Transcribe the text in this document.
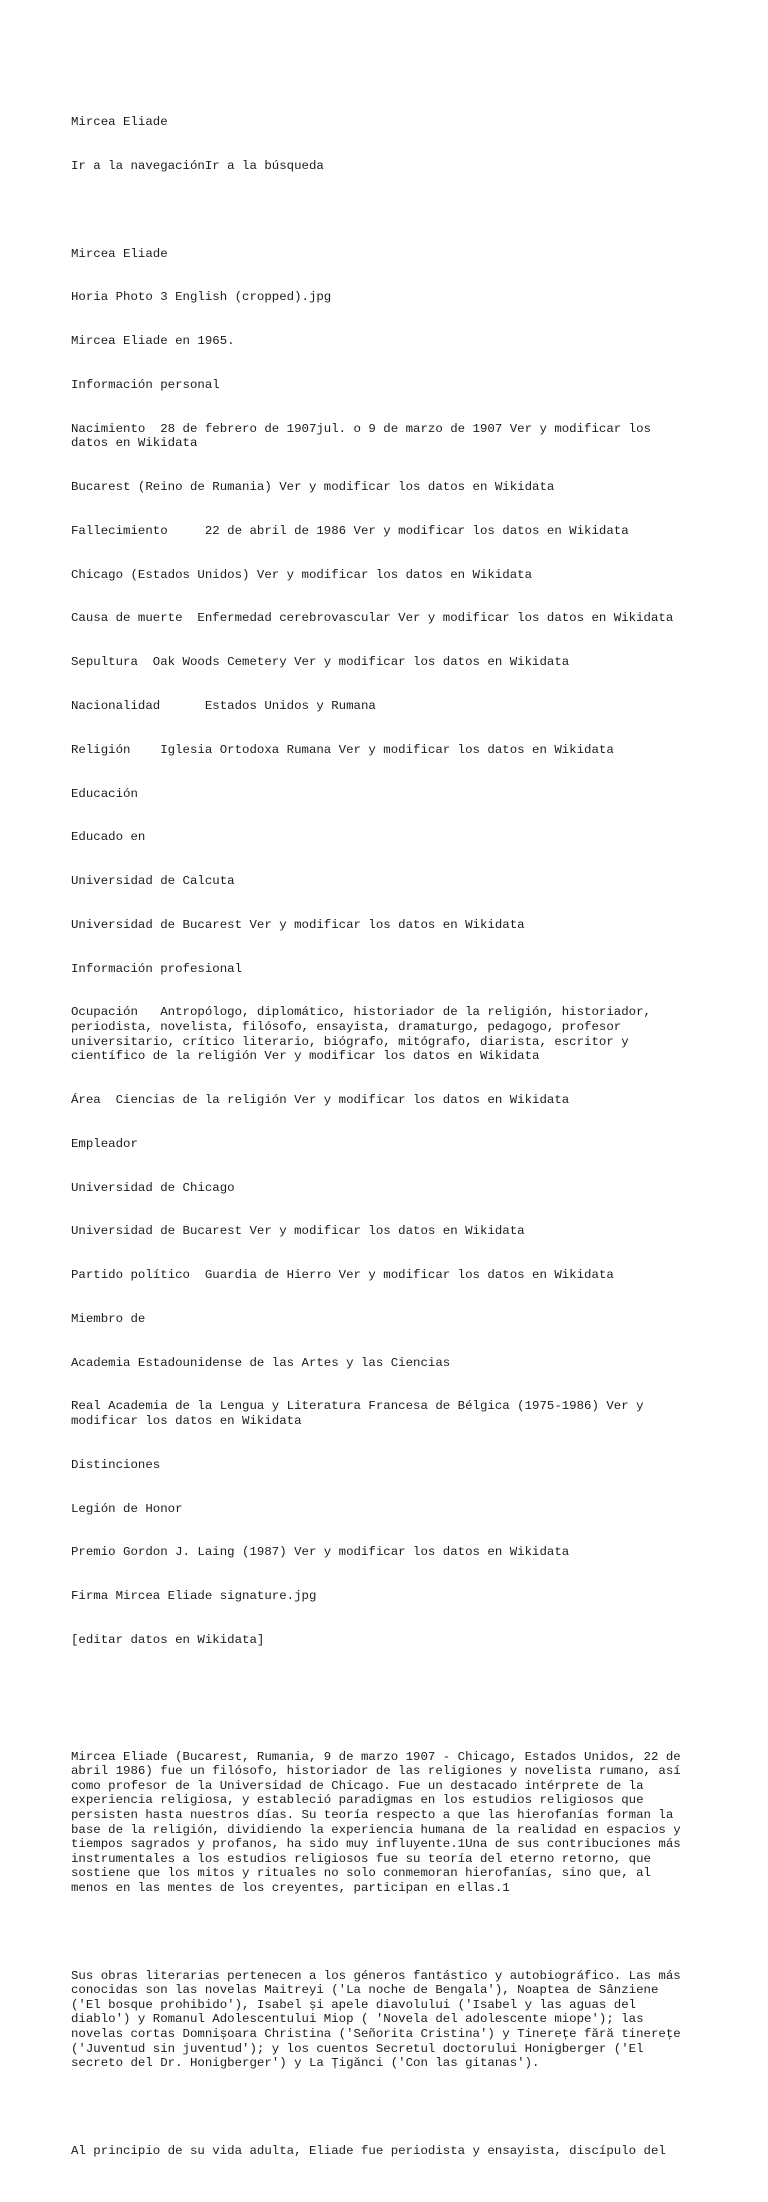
Mircea Eliade

Ir a la navegaciónIr a la búsqueda

Mircea Eliade

Horia Photo 3 English (cropped).jpg

Mircea Eliade en 1965.

Información personal

Nacimiento  28 de febrero de 1907jul. o 9 de marzo de 1907 Ver y modificar los datos en Wikidata

Bucarest (Reino de Rumania) Ver y modificar los datos en Wikidata

Fallecimiento     22 de abril de 1986 Ver y modificar los datos en Wikidata

Chicago (Estados Unidos) Ver y modificar los datos en Wikidata

Causa de muerte  Enfermedad cerebrovascular Ver y modificar los datos en Wikidata

Sepultura  Oak Woods Cemetery Ver y modificar los datos en Wikidata

Nacionalidad      Estados Unidos y Rumana

Religión    Iglesia Ortodoxa Rumana Ver y modificar los datos en Wikidata

Educación

Educado en

Universidad de Calcuta

Universidad de Bucarest Ver y modificar los datos en Wikidata

Información profesional

Ocupación   Antropólogo, diplomático, historiador de la religión, historiador, periodista, novelista, filósofo, ensayista, dramaturgo, pedagogo, profesor universitario, crítico literario, biógrafo, mitógrafo, diarista, escritor y científico de la religión Ver y modificar los datos en Wikidata

Área  Ciencias de la religión Ver y modificar los datos en Wikidata

Empleador

Universidad de Chicago

Universidad de Bucarest Ver y modificar los datos en Wikidata

Partido político  Guardia de Hierro Ver y modificar los datos en Wikidata

Miembro de

Academia Estadounidense de las Artes y las Ciencias

Real Academia de la Lengua y Literatura Francesa de Bélgica (1975-1986) Ver y modificar los datos en Wikidata

Distinciones

Legión de Honor

Premio Gordon J. Laing (1987) Ver y modificar los datos en Wikidata

Firma Mircea Eliade signature.jpg

[editar datos en Wikidata]

Mircea Eliade (Bucarest, Rumania, 9 de marzo 1907 - Chicago, Estados Unidos, 22 de abril 1986) fue un filósofo, historiador de las religiones y novelista rumano, así como profesor de la Universidad de Chicago. Fue un destacado intérprete de la experiencia religiosa, y estableció paradigmas en los estudios religiosos que persisten hasta nuestros días. Su teoría respecto a que las hierofanías forman la base de la religión, dividiendo la experiencia humana de la realidad en espacios y tiempos sagrados y profanos, ha sido muy influyente.1Una de sus contribuciones más instrumentales a los estudios religiosos fue su teoría del eterno retorno, que sostiene que los mitos y rituales no solo conmemoran hierofanías, sino que, al menos en las mentes de los creyentes, participan en ellas.1

Sus obras literarias pertenecen a los géneros fantástico y autobiográfico. Las más conocidas son las novelas Maitreyi ('La noche de Bengala'), Noaptea de Sânziene ('El bosque prohibido'), Isabel și apele diavolului ('Isabel y las aguas del diablo') y Romanul Adolescentului Miop ( 'Novela del adolescente miope'); las novelas cortas Domnișoara Christina ('Señorita Cristina') y Tinerețe fără tinerețe ('Juventud sin juventud'); y los cuentos Secretul doctorului Honigberger ('El secreto del Dr. Honigberger') y La Țigănci ('Con las gitanas').

Al principio de su vida adulta, Eliade fue periodista y ensayista, discípulo del
